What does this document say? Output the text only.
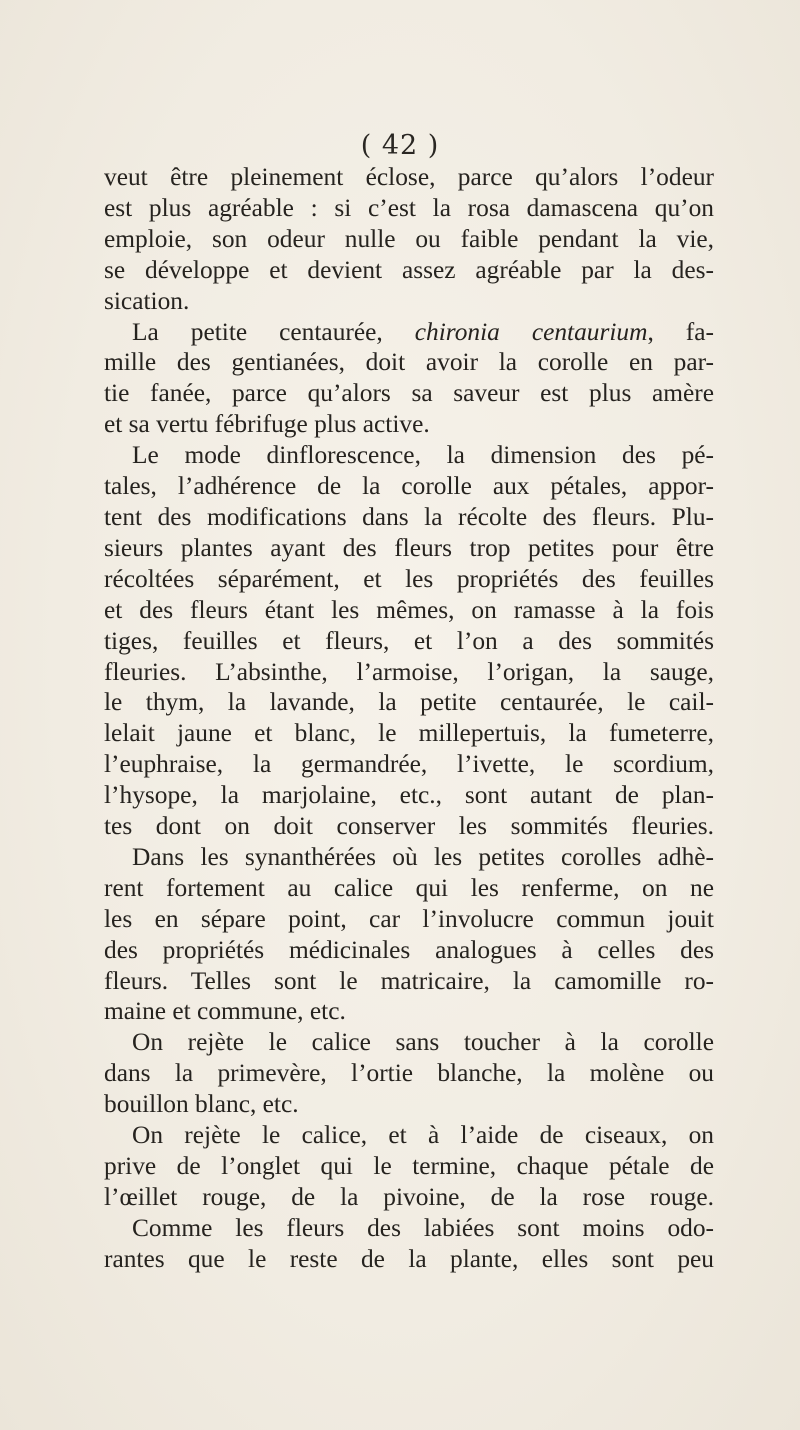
( 42 )

veut être pleinement éclose, parce qu’alors l’odeur
est plus agréable : si c’est la rosa damascena qu’on
emploie, son odeur nulle ou faible pendant la vie,
se développe et devient assez agréable par la des-
sication.

La petite centaurée, chironia centaurium, fa-
mille des gentianées, doit avoir la corolle en par-
tie fanée, parce qu’alors sa saveur est plus amère
et sa vertu fébrifuge plus active.

Le mode dinflorescence, la dimension des pé-
tales, l’adhérence de la corolle aux pétales, appor-
tent des modifications dans la récolte des fleurs. Plu-
sieurs plantes ayant des fleurs trop petites pour être
récoltées séparément, et les propriétés des feuilles
et des fleurs étant les mêmes, on ramasse à la fois
tiges, feuilles et fleurs, et l’on a des sommités
fleuries. L’absinthe, l’armoise, l’origan, la sauge,
le thym, la lavande, la petite centaurée, le cail-
lelait jaune et blanc, le millepertuis, la fumeterre,
l’euphraise, la germandrée, l’ivette, le scordium,
l’hysope, la marjolaine, etc., sont autant de plan-
tes dont on doit conserver les sommités fleuries.

Dans les synanthérées où les petites corolles adhè-
rent fortement au calice qui les renferme, on ne
les en sépare point, car l’involucre commun jouit
des propriétés médicinales analogues à celles des
fleurs. Telles sont le matricaire, la camomille ro-
maine et commune, etc.

On rejète le calice sans toucher à la corolle
dans la primevère, l’ortie blanche, la molène ou
bouillon blanc, etc.

On rejète le calice, et à l’aide de ciseaux, on
prive de l’onglet qui le termine, chaque pétale de
l’œillet rouge, de la pivoine, de la rose rouge.

Comme les fleurs des labiées sont moins odo-
rantes que le reste de la plante, elles sont peu
